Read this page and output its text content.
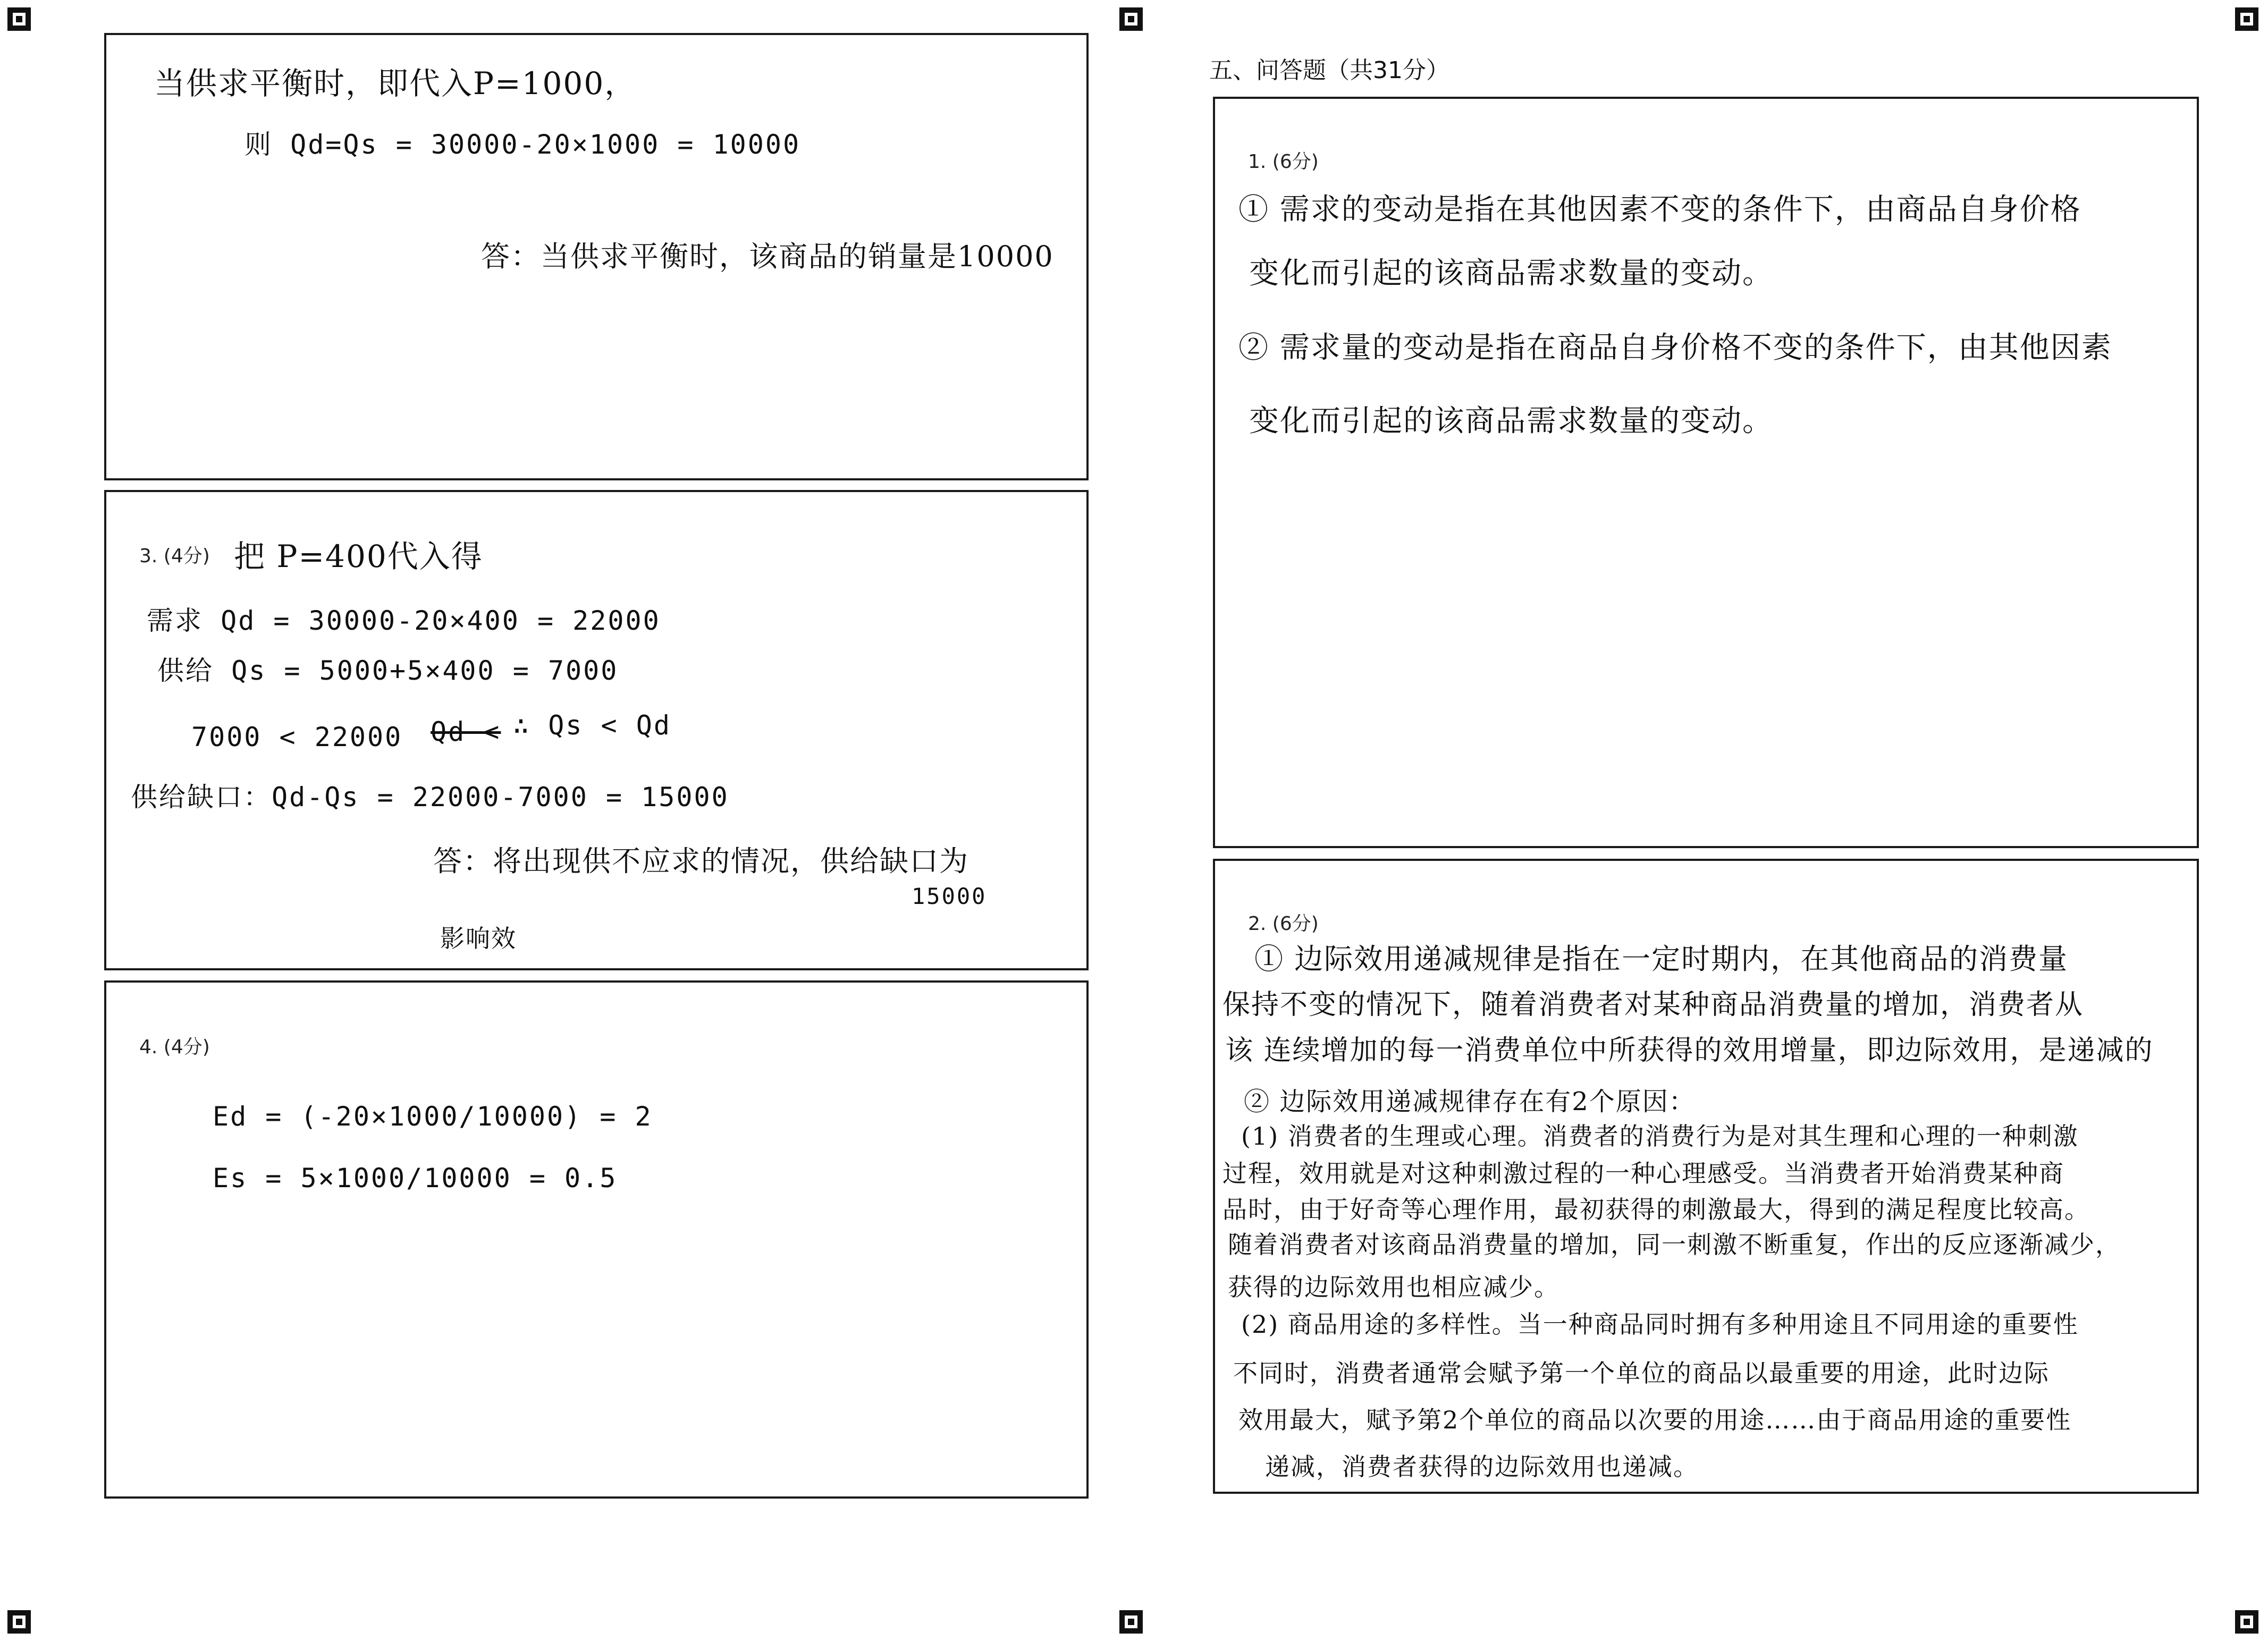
当供求平衡时，即代入P=1000，
则 Qd=Qs = 30000-20×1000 = 10000
答：当供求平衡时，该商品的销量是10000
3. (4分) 把 P=400代入得
需求 Qd = 30000-20×400 = 22000
供给 Qs = 5000+5×400 = 7000
7000 < 22000 Qd < ∴ Qs < Qd
供给缺口：Qd-Qs = 22000-7000 = 15000
答：将出现供不应求的情况，供给缺口为
15000
影响效
4. (4分)
Ed = (-20×1000/10000) = 2
Es = 5×1000/10000 = 0.5
五、问答题（共31分）
1. (6分)
① 需求的变动是指在其他因素不变的条件下，由商品自身价格
变化而引起的该商品需求数量的变动。
② 需求量的变动是指在商品自身价格不变的条件下，由其他因素
变化而引起的该商品需求数量的变动。
2. (6分)
① 边际效用递减规律是指在一定时期内，在其他商品的消费量
保持不变的情况下，随着消费者对某种商品消费量的增加，消费者从
该 连续增加的每一消费单位中所获得的效用增量，即边际效用，是递减的
② 边际效用递减规律存在有2个原因：
(1) 消费者的生理或心理。消费者的消费行为是对其生理和心理的一种刺激
过程，效用就是对这种刺激过程的一种心理感受。当消费者开始消费某种商
品时，由于好奇等心理作用，最初获得的刺激最大，得到的满足程度比较高。
随着消费者对该商品消费量的增加，同一刺激不断重复，作出的反应逐渐减少，
获得的边际效用也相应减少。
(2) 商品用途的多样性。当一种商品同时拥有多种用途且不同用途的重要性
不同时，消费者通常会赋予第一个单位的商品以最重要的用途，此时边际
效用最大，赋予第2个单位的商品以次要的用途……由于商品用途的重要性
递减，消费者获得的边际效用也递减。
